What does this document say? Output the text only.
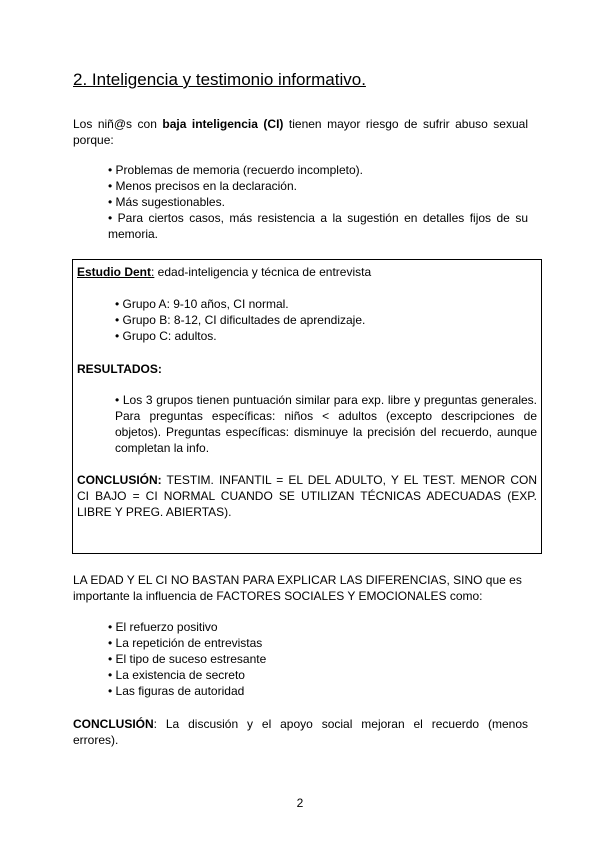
2. Inteligencia y testimonio informativo.
Los niñ@s con baja inteligencia (CI) tienen mayor riesgo de sufrir abuso sexual
porque:
• Problemas de memoria (recuerdo incompleto).
• Menos precisos en la declaración.
• Más sugestionables.
• Para ciertos casos, más resistencia a la sugestión en detalles fijos de su
memoria.
Estudio Dent: edad-inteligencia y técnica de entrevista
• Grupo A: 9-10 años, CI normal.
• Grupo B: 8-12, CI dificultades de aprendizaje.
• Grupo C: adultos.
RESULTADOS:
• Los 3 grupos tienen puntuación similar para exp. libre y preguntas generales.
Para preguntas específicas: niños < adultos (excepto descripciones de
objetos). Preguntas específicas: disminuye la precisión del recuerdo, aunque
completan la info.
CONCLUSIÓN: TESTIM. INFANTIL = EL DEL ADULTO, Y EL TEST. MENOR CON
CI BAJO = CI NORMAL CUANDO SE UTILIZAN TÉCNICAS ADECUADAS (EXP.
LIBRE Y PREG. ABIERTAS).
LA EDAD Y EL CI NO BASTAN PARA EXPLICAR LAS DIFERENCIAS, SINO que es
importante la influencia de FACTORES SOCIALES Y EMOCIONALES como:
• El refuerzo positivo
• La repetición de entrevistas
• El tipo de suceso estresante
• La existencia de secreto
• Las figuras de autoridad
CONCLUSIÓN: La discusión y el apoyo social mejoran el recuerdo (menos
errores).
2
